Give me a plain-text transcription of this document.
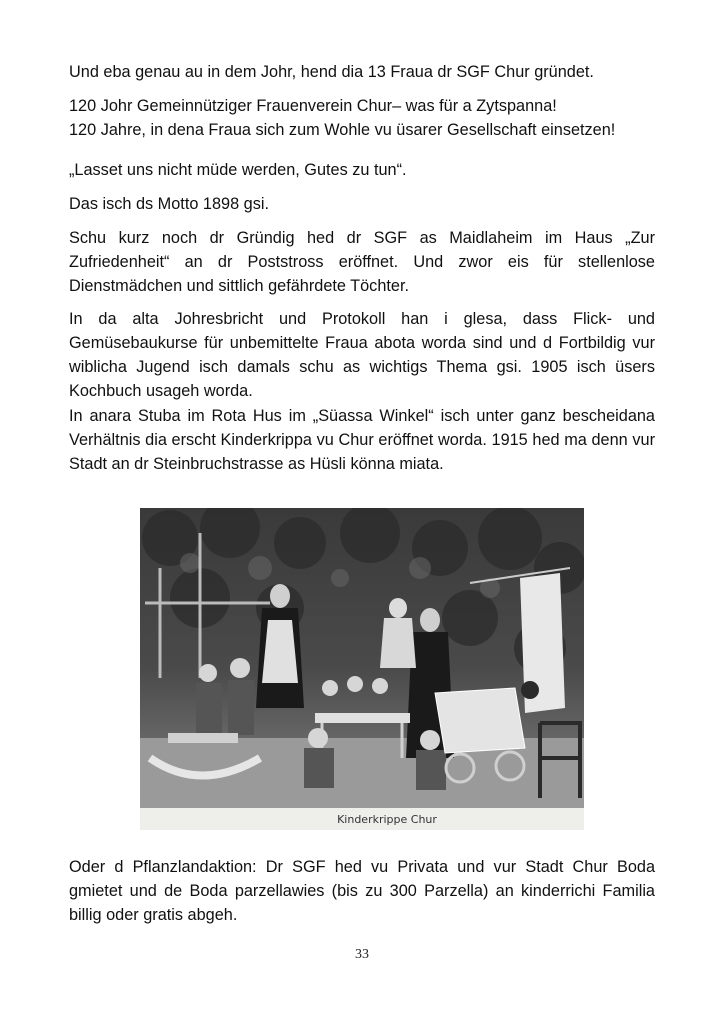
Und eba genau au in dem Johr, hend dia 13 Fraua dr SGF Chur gründet.
120 Johr Gemeinnütziger Frauenverein Chur– was für a Zytspanna!
120 Jahre, in dena Fraua sich zum Wohle vu üsarer Gesellschaft einsetzen!
„Lasset uns nicht müde werden, Gutes zu tun“.
Das isch ds Motto 1898 gsi.
Schu kurz noch dr Gründig hed dr SGF as Maidlaheim im Haus „Zur Zufriedenheit“ an dr Poststross eröffnet. Und zwor eis für stellenlose Dienstmädchen und sittlich gefährdete Töchter.
In da alta Johresbricht und Protokoll han i glesa, dass Flick- und Gemüsebaukurse für unbemittelte Fraua abota worda sind und d Fortbildig vur wiblicha Jugend isch damals schu as wichtigs Thema gsi. 1905 isch üsers Kochbuch usageh worda.
In anara Stuba im Rota Hus im „Süassa Winkel“ isch unter ganz bescheidana Verhältnis dia erscht Kinderkrippa vu Chur eröffnet worda. 1915 hed ma denn vur Stadt an dr Steinbruchstrasse as Hüsli könna miata.
Kinderkrippe Chur
Oder d Pflanzlandaktion: Dr SGF hed vu Privata und vur Stadt Chur Boda gmietet und de Boda parzellawies (bis zu 300 Parzella) an kinderrichi Familia billig oder gratis abgeh.
33
